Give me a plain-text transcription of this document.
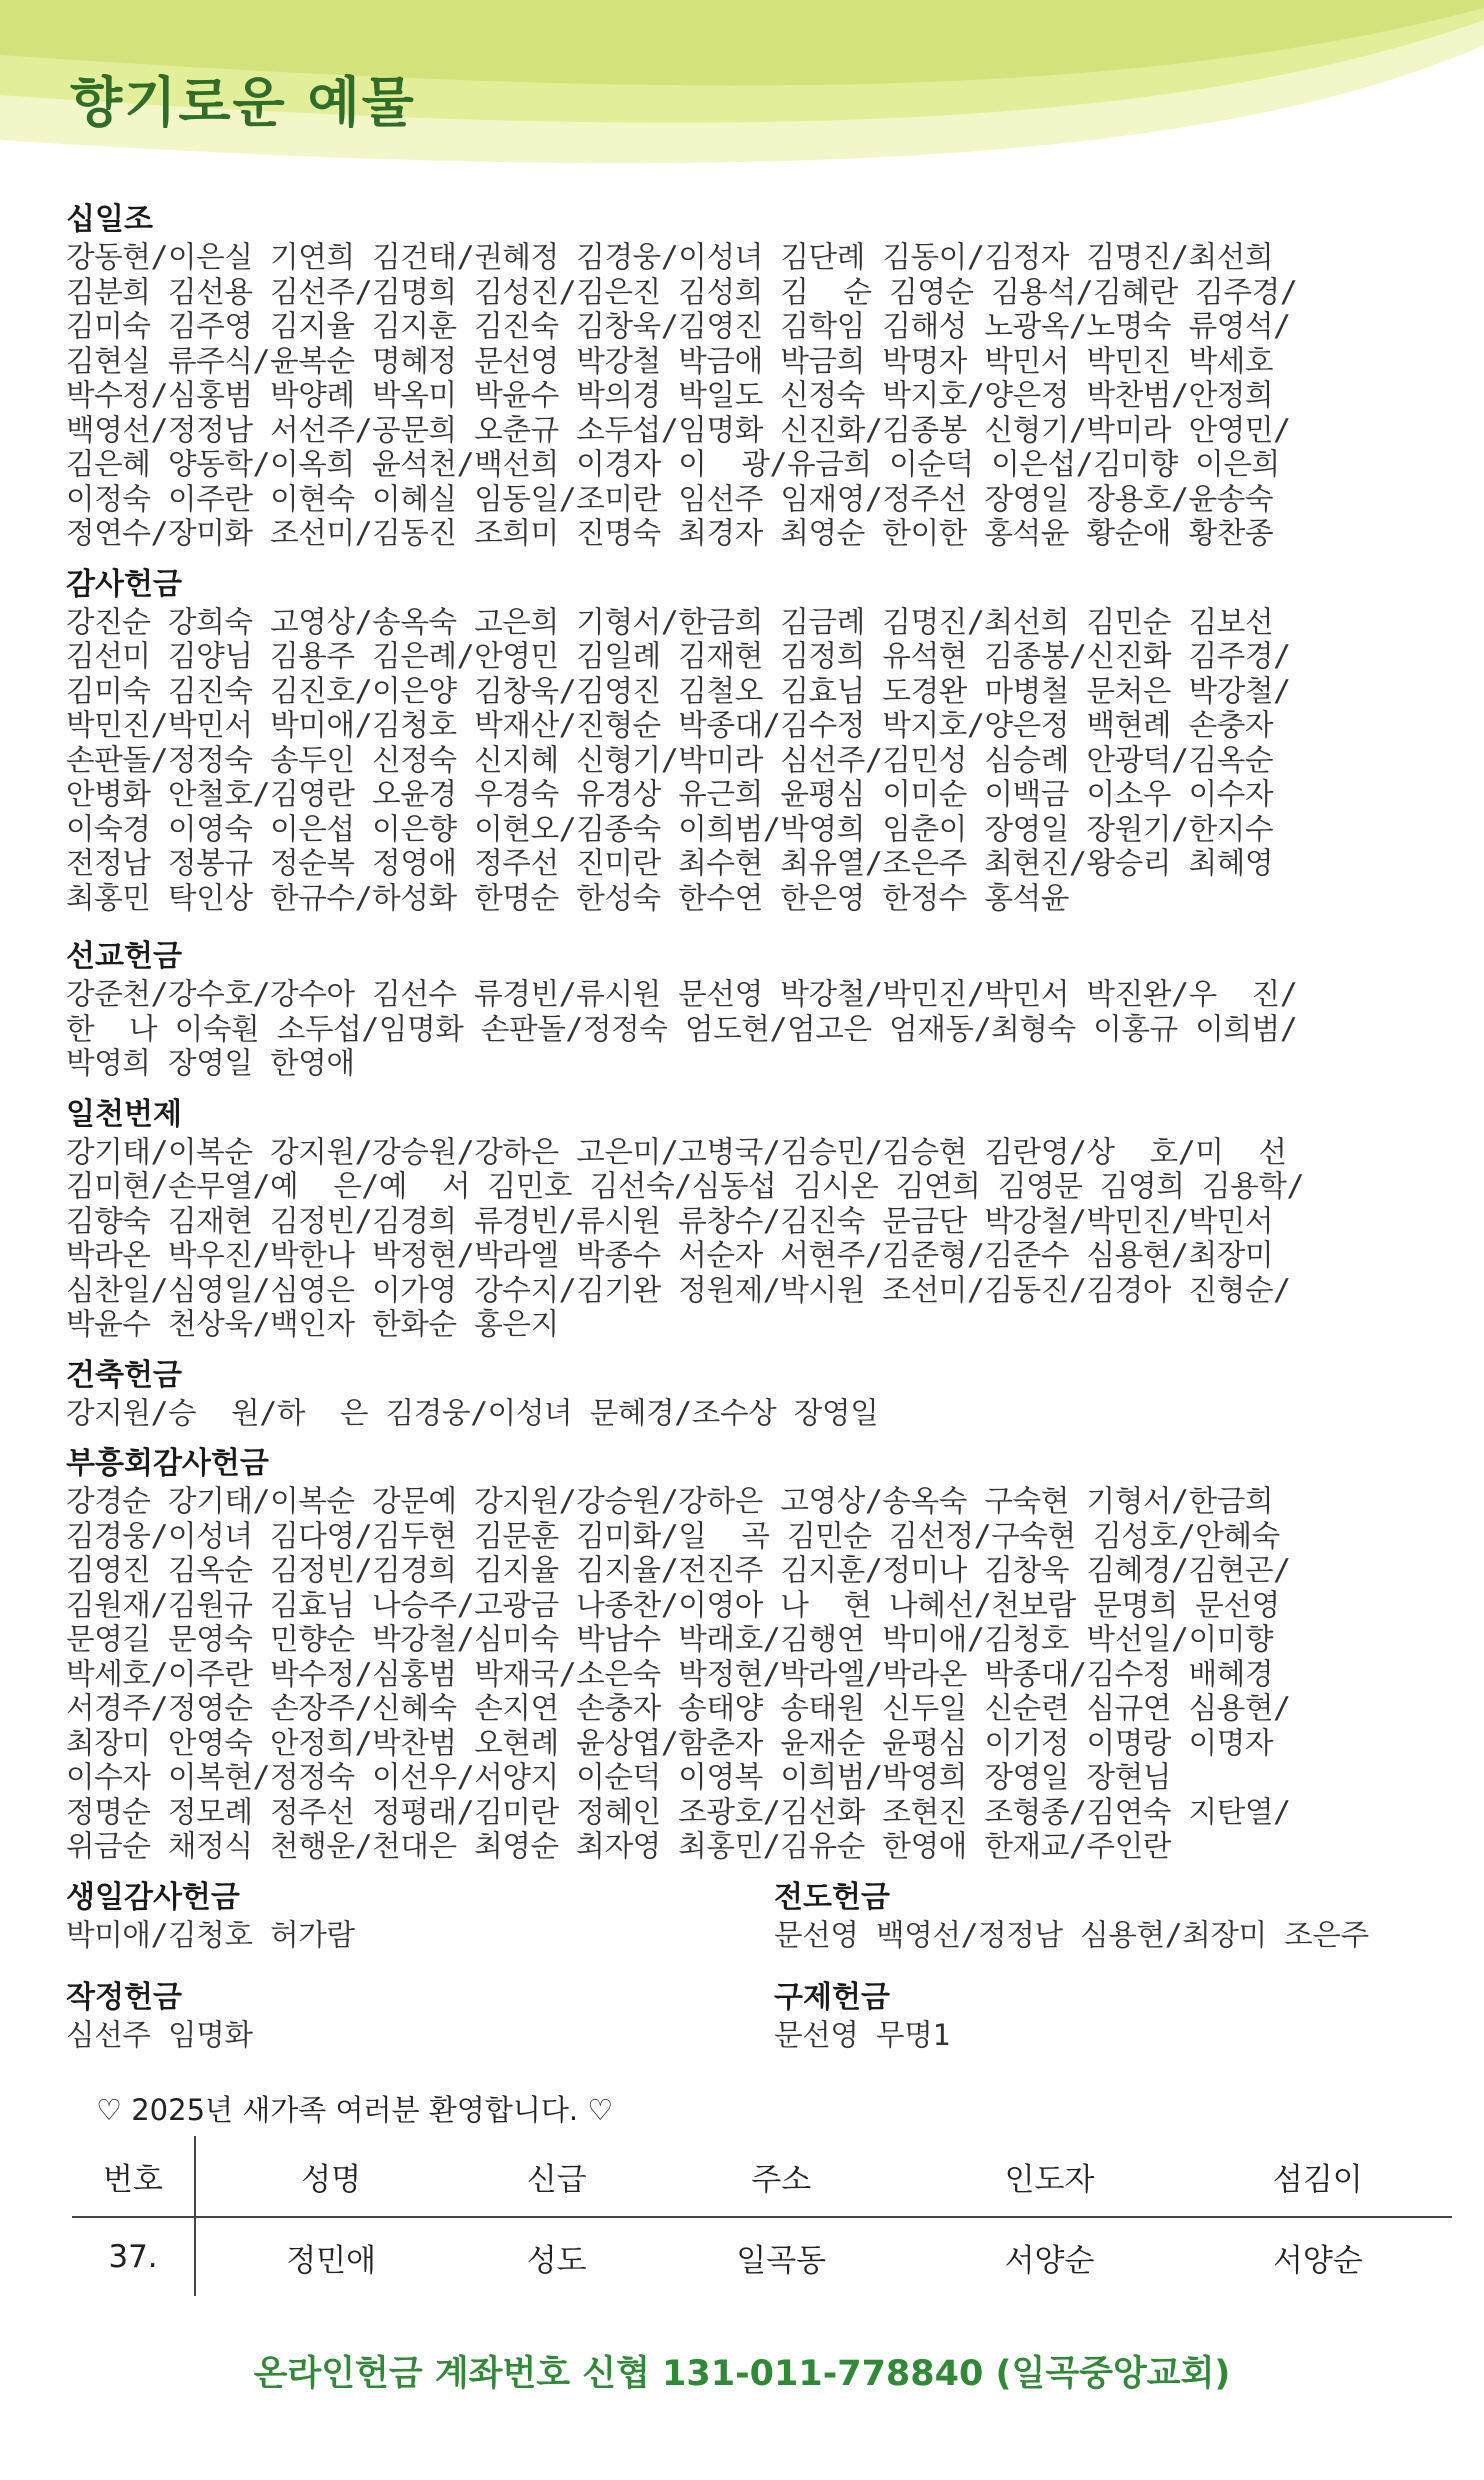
향기로운 예물
십일조
강동현/이은실 기연희 김건태/권혜정 김경웅/이성녀 김단례 김동이/김정자 김명진/최선희
김분희 김선용 김선주/김명희 김성진/김은진 김성희 김  순 김영순 김용석/김혜란 김주경/
김미숙 김주영 김지율 김지훈 김진숙 김창욱/김영진 김학임 김해성 노광옥/노명숙 류영석/
김현실 류주식/윤복순 명혜정 문선영 박강철 박금애 박금희 박명자 박민서 박민진 박세호
박수정/심홍범 박양례 박옥미 박윤수 박의경 박일도 신정숙 박지호/양은정 박찬범/안정희
백영선/정정남 서선주/공문희 오춘규 소두섭/임명화 신진화/김종봉 신형기/박미라 안영민/
김은혜 양동학/이옥희 윤석천/백선희 이경자 이  광/유금희 이순덕 이은섭/김미향 이은희
이정숙 이주란 이현숙 이혜실 임동일/조미란 임선주 임재영/정주선 장영일 장용호/윤송숙
정연수/장미화 조선미/김동진 조희미 진명숙 최경자 최영순 한이한 홍석윤 황순애 황찬종
감사헌금
강진순 강희숙 고영상/송옥숙 고은희 기형서/한금희 김금례 김명진/최선희 김민순 김보선
김선미 김양님 김용주 김은례/안영민 김일례 김재현 김정희 유석현 김종봉/신진화 김주경/
김미숙 김진숙 김진호/이은양 김창욱/김영진 김철오 김효님 도경완 마병철 문처은 박강철/
박민진/박민서 박미애/김청호 박재산/진형순 박종대/김수정 박지호/양은정 백현례 손충자
손판돌/정정숙 송두인 신정숙 신지혜 신형기/박미라 심선주/김민성 심승례 안광덕/김옥순
안병화 안철호/김영란 오윤경 우경숙 유경상 유근희 윤평심 이미순 이백금 이소우 이수자
이숙경 이영숙 이은섭 이은향 이현오/김종숙 이희범/박영희 임춘이 장영일 장원기/한지수
전정남 정봉규 정순복 정영애 정주선 진미란 최수현 최유열/조은주 최현진/왕승리 최혜영
최홍민 탁인상 한규수/하성화 한명순 한성숙 한수연 한은영 한정수 홍석윤
선교헌금
강준천/강수호/강수아 김선수 류경빈/류시원 문선영 박강철/박민진/박민서 박진완/우  진/
한  나 이숙훤 소두섭/임명화 손판돌/정정숙 엄도현/엄고은 엄재동/최형숙 이홍규 이희범/
박영희 장영일 한영애
일천번제
강기태/이복순 강지원/강승원/강하은 고은미/고병국/김승민/김승현 김란영/상  호/미  선
김미현/손무열/예  은/예  서 김민호 김선숙/심동섭 김시온 김연희 김영문 김영희 김용학/
김향숙 김재현 김정빈/김경희 류경빈/류시원 류창수/김진숙 문금단 박강철/박민진/박민서
박라온 박우진/박한나 박정현/박라엘 박종수 서순자 서현주/김준형/김준수 심용현/최장미
심찬일/심영일/심영은 이가영 강수지/김기완 정원제/박시원 조선미/김동진/김경아 진형순/
박윤수 천상욱/백인자 한화순 홍은지
건축헌금
강지원/승  원/하  은 김경웅/이성녀 문혜경/조수상 장영일
부흥회감사헌금
강경순 강기태/이복순 강문예 강지원/강승원/강하은 고영상/송옥숙 구숙현 기형서/한금희
김경웅/이성녀 김다영/김두현 김문훈 김미화/일  곡 김민순 김선정/구숙현 김성호/안혜숙
김영진 김옥순 김정빈/김경희 김지율 김지율/전진주 김지훈/정미나 김창욱 김혜경/김현곤/
김원재/김원규 김효님 나승주/고광금 나종찬/이영아 나  현 나혜선/천보람 문명희 문선영
문영길 문영숙 민향순 박강철/심미숙 박남수 박래호/김행연 박미애/김청호 박선일/이미향
박세호/이주란 박수정/심홍범 박재국/소은숙 박정현/박라엘/박라온 박종대/김수정 배혜경
서경주/정영순 손장주/신혜숙 손지연 손충자 송태양 송태원 신두일 신순련 심규연 심용현/
최장미 안영숙 안정희/박찬범 오현례 윤상엽/함춘자 윤재순 윤평심 이기정 이명랑 이명자
이수자 이복현/정정숙 이선우/서양지 이순덕 이영복 이희범/박영희 장영일 장현님
정명순 정모례 정주선 정평래/김미란 정혜인 조광호/김선화 조현진 조형종/김연숙 지탄열/
위금순 채정식 천행운/천대은 최영순 최자영 최홍민/김유순 한영애 한재교/주인란
생일감사헌금
박미애/김청호 허가람
작정헌금
심선주 임명화
전도헌금
문선영 백영선/정정남 심용현/최장미 조은주
구제헌금
문선영 무명1
♡ 2025년 새가족 여러분 환영합니다. ♡
번호	성명	신급	주소	인도자	섬김이
37.	정민애	성도	일곡동	서양순	서양순
온라인헌금 계좌번호 신협 131-011-778840 (일곡중앙교회)
